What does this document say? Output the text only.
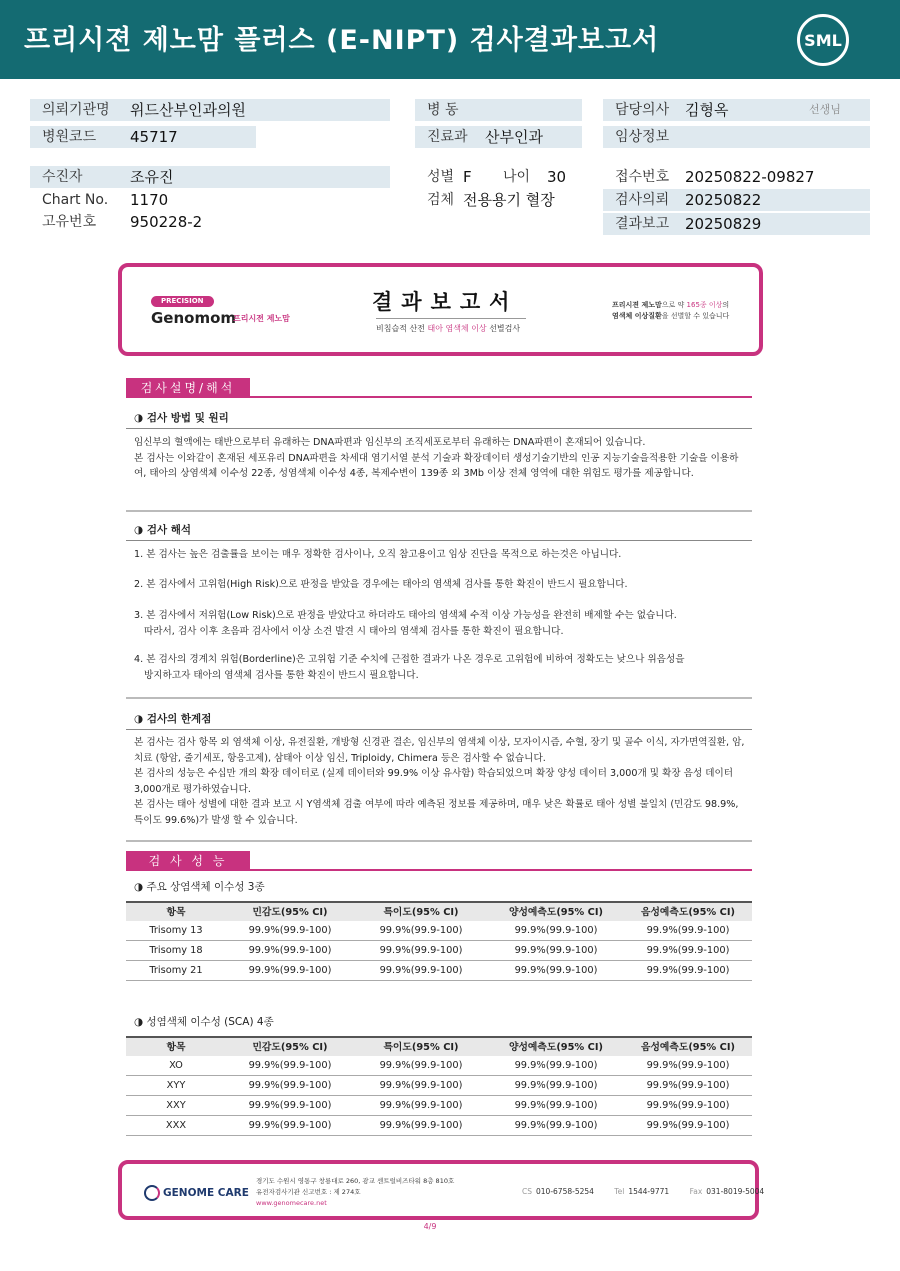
프리시젼 제노맘 플러스 (E-NIPT) 검사결과보고서	SML
의뢰기관명 위드산부인과의원
병원코드 45717
병 동
진료과 산부인과
담당의사 김형옥	선생님
임상정보
수진자	조유진
Chart No. 1170
고유번호 950228-2
성별 F 나이 30
검체 전용용기 혈장
접수번호 20250822-09827
검사의뢰 20250822
결과보고 20250829
PRECISION
Genomom
프리시젼 제노맘
결과보고서
비침습적 산전 태아 염색체 이상 선별검사
프리시젼 제노맘으로 약 165종 이상의
염색체 이상질환을 선별할 수 있습니다
검사설명/해석
◑ 검사 방법 및 원리
임신부의 혈액에는 태반으로부터 유래하는 DNA파편과 임신부의 조직세포로부터 유래하는 DNA파편이 혼재되어 있습니다.
본 검사는 이와같이 혼재된 세포유리 DNA파편을 차세대 염기서열 분석 기술과 확장데이터 생성기술기반의 인공 지능기술을적용한 기술을 이용하여, 태아의 상염색체 이수성 22종, 성염색체 이수성 4종, 복제수변이 139종 외 3Mb 이상 전체 영역에 대한 위험도 평가를 제공합니다.
◑ 검사 해석
1. 본 검사는 높은 검출률을 보이는 매우 정확한 검사이나, 오직 참고용이고 임상 진단을 목적으로 하는것은 아닙니다.
2. 본 검사에서 고위험(High Risk)으로 판정을 받았을 경우에는 태아의 염색체 검사를 통한 확진이 반드시 필요합니다.
3. 본 검사에서 저위험(Low Risk)으로 판정을 받았다고 하더라도 태아의 염색체 수적 이상 가능성을 완전히 배제할 수는 없습니다.
따라서, 검사 이후 초음파 검사에서 이상 소견 발견 시 태아의 염색체 검사를 통한 확진이 필요합니다.
4. 본 검사의 경계치 위험(Borderline)은 고위험 기준 수치에 근접한 결과가 나온 경우로 고위험에 비하여 정확도는 낮으나 위음성을
방지하고자 태아의 염색체 검사를 통한 확진이 반드시 필요합니다.
◑ 검사의 한계점
본 검사는 검사 항목 외 염색체 이상, 유전질환, 개방형 신경관 결손, 임신부의 염색체 이상, 모자이시즘, 수혈, 장기 및 골수 이식, 자가면역질환, 암, 치료 (항암, 줄기세포, 항응고제), 삼태아 이상 임신, Triploidy, Chimera 등은 검사할 수 없습니다.
본 검사의 성능은 수십만 개의 확장 데이터로 (실제 데이터와 99.9% 이상 유사함) 학습되었으며 확장 양성 데이터 3,000개 및 확장 음성 데이터 3,000개로 평가하였습니다.
본 검사는 태아 성별에 대한 결과 보고 시 Y염색체 검출 여부에 따라 예측된 정보를 제공하며, 매우 낮은 확률로 태아 성별 불일치 (민감도 98.9%, 특이도 99.6%)가 발생 할 수 있습니다.
검 사 성 능
◑ 주요 상염색체 이수성 3종
항목	민감도(95% CI)	특이도(95% CI)	양성예측도(95% CI)	음성예측도(95% CI)
Trisomy 13	99.9%(99.9-100)	99.9%(99.9-100)	99.9%(99.9-100)	99.9%(99.9-100)
Trisomy 18	99.9%(99.9-100)	99.9%(99.9-100)	99.9%(99.9-100)	99.9%(99.9-100)
Trisomy 21	99.9%(99.9-100)	99.9%(99.9-100)	99.9%(99.9-100)	99.9%(99.9-100)
◑ 성염색체 이수성 (SCA) 4종
항목	민감도(95% CI)	특이도(95% CI)	양성예측도(95% CI)	음성예측도(95% CI)
XO	99.9%(99.9-100)	99.9%(99.9-100)	99.9%(99.9-100)	99.9%(99.9-100)
XYY	99.9%(99.9-100)	99.9%(99.9-100)	99.9%(99.9-100)	99.9%(99.9-100)
XXY	99.9%(99.9-100)	99.9%(99.9-100)	99.9%(99.9-100)	99.9%(99.9-100)
XXX	99.9%(99.9-100)	99.9%(99.9-100)	99.9%(99.9-100)	99.9%(99.9-100)
GENOME CARE
경기도 수원시 영통구 창룡대로 260, 광교 센트럴비즈타워 8층 810호
유전자검사기관 신고번호 : 제 274호
www.genomecare.net
CS 010-6758-5254	Tel 1544-9771	Fax 031-8019-5004
4/9
